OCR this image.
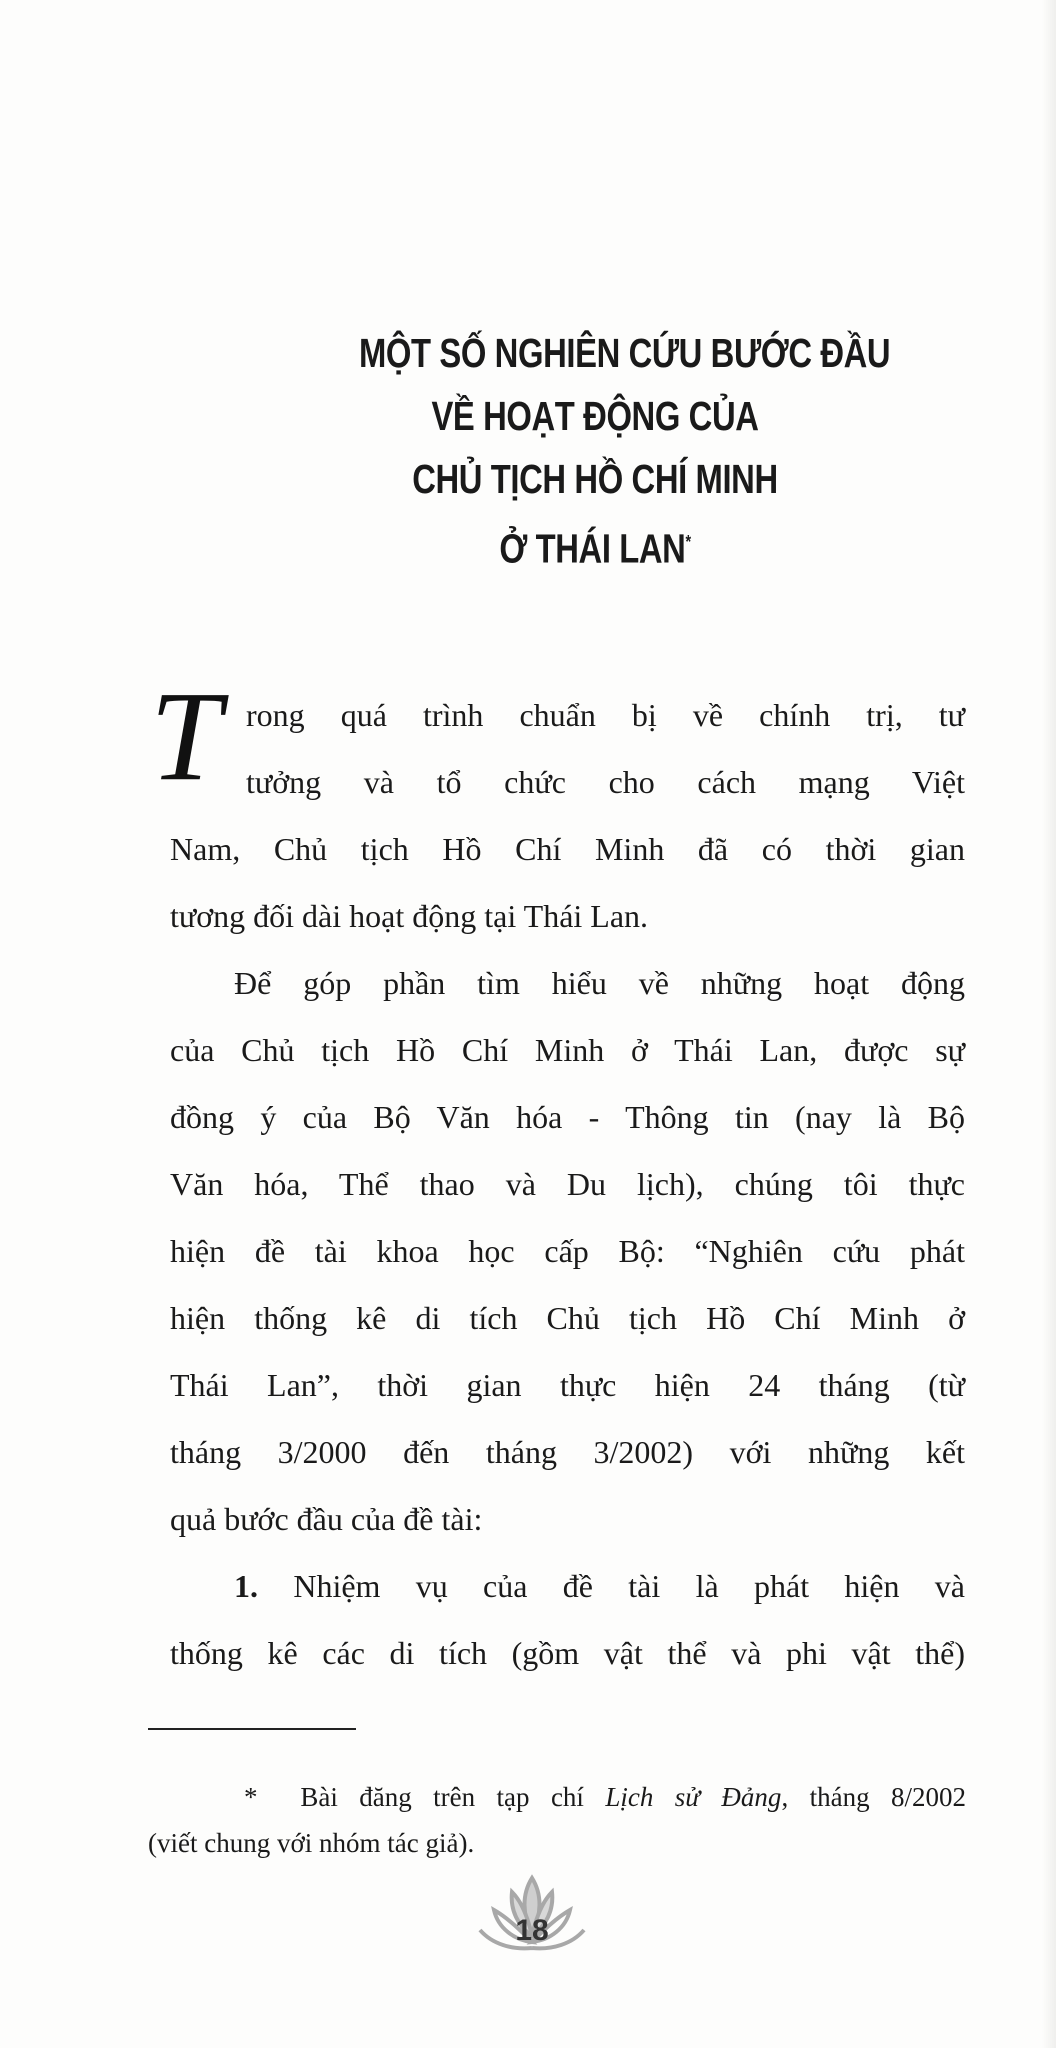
MỘT SỐ NGHIÊN CỨU BƯỚC ĐẦU
VỀ HOẠT ĐỘNG CỦA
CHỦ TỊCH HỒ CHÍ MINH
Ở THÁI LAN*
T rong quá trình chuẩn bị về chính trị, tư
tưởng và tổ chức cho cách mạng Việt
Nam, Chủ tịch Hồ Chí Minh đã có thời gian
tương đối dài hoạt động tại Thái Lan.
Để góp phần tìm hiểu về những hoạt động
của Chủ tịch Hồ Chí Minh ở Thái Lan, được sự
đồng ý của Bộ Văn hóa - Thông tin (nay là Bộ
Văn hóa, Thể thao và Du lịch), chúng tôi thực
hiện đề tài khoa học cấp Bộ: “Nghiên cứu phát
hiện thống kê di tích Chủ tịch Hồ Chí Minh ở
Thái Lan”, thời gian thực hiện 24 tháng (từ
tháng 3/2000 đến tháng 3/2002) với những kết
quả bước đầu của đề tài:
1. Nhiệm vụ của đề tài là phát hiện và
thống kê các di tích (gồm vật thể và phi vật thể)
* Bài đăng trên tạp chí Lịch sử Đảng, tháng 8/2002
(viết chung với nhóm tác giả).
18
